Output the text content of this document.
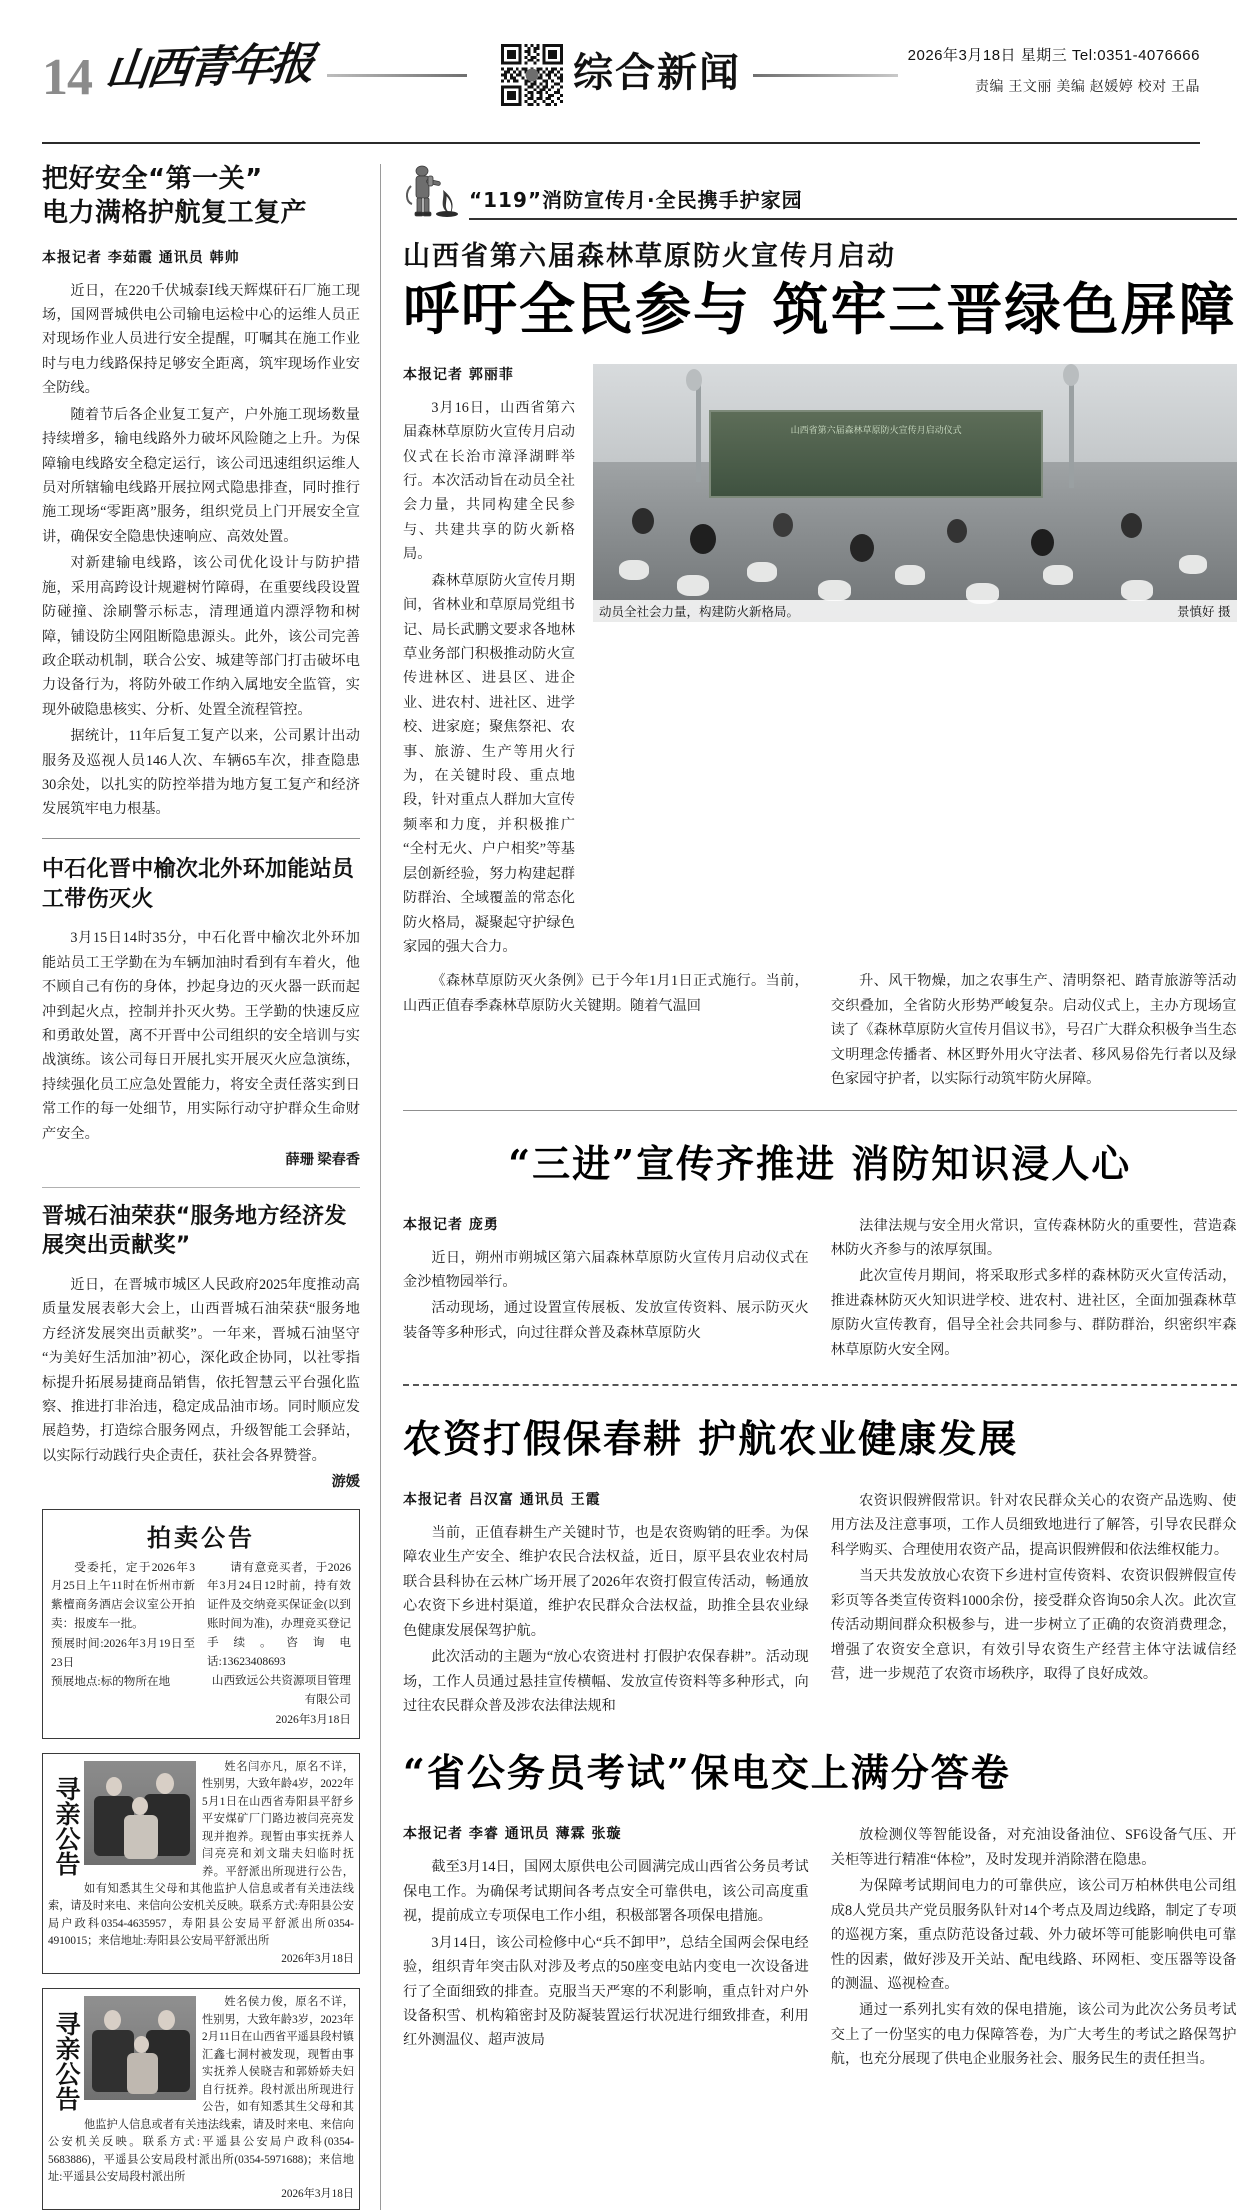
14 山西青年报	综合新闻	2026年3月18日 星期三 Tel:0351-4076666
责编 王文丽 美编 赵媛婷 校对 王晶
把好安全“第一关”
电力满格护航复工复产
本报记者 李茹霞 通讯员 韩帅

近日，在220千伏城泰Ⅰ线天辉煤矸石厂施工现场，国网晋城供电公司输电运检中心的运维人员正对现场作业人员进行安全提醒，叮嘱其在施工作业时与电力线路保持足够安全距离，筑牢现场作业安全防线。

随着节后各企业复工复产，户外施工现场数量持续增多，输电线路外力破坏风险随之上升。为保障输电线路安全稳定运行，该公司迅速组织运维人员对所辖输电线路开展拉网式隐患排查，同时推行施工现场“零距离”服务，组织党员上门开展安全宣讲，确保安全隐患快速响应、高效处置。

对新建输电线路，该公司优化设计与防护措施，采用高跨设计规避树竹障碍，在重要线段设置防碰撞、涂刷警示标志，清理通道内漂浮物和树障，铺设防尘网阻断隐患源头。此外，该公司完善政企联动机制，联合公安、城建等部门打击破坏电力设备行为，将防外破工作纳入属地安全监管，实现外破隐患核实、分析、处置全流程管控。

据统计，11年后复工复产以来，公司累计出动服务及巡视人员146人次、车辆65车次，排查隐患30余处，以扎实的防控举措为地方复工复产和经济发展筑牢电力根基。

中石化晋中榆次北外环加能站员工带伤灭火

3月15日14时35分，中石化晋中榆次北外环加能站员工王学勤在为车辆加油时看到有车着火，他不顾自己有伤的身体，抄起身边的灭火器一跃而起冲到起火点，控制并扑灭火势。王学勤的快速反应和勇敢处置，离不开晋中公司组织的安全培训与实战演练。该公司每日开展扎实开展灭火应急演练，持续强化员工应急处置能力，将安全责任落实到日常工作的每一处细节，用实际行动守护群众生命财产安全。

薛珊 梁春香

晋城石油荣获“服务地方经济发展突出贡献奖”

近日，在晋城市城区人民政府2025年度推动高质量发展表彰大会上，山西晋城石油荣获“服务地方经济发展突出贡献奖”。一年来，晋城石油坚守“为美好生活加油”初心，深化政企协同，以社零指标提升拓展易捷商品销售，依托智慧云平台强化监察、推进打非治违，稳定成品油市场。同时顺应发展趋势，打造综合服务网点，升级智能工会驿站，以实际行动践行央企责任，获社会各界赞誉。

游媛

拍卖公告

受委托，定于2026年3月25日上午11时在忻州市新紫檀商务酒店会议室公开拍卖：报废车一批。

预展时间:2026年3月19日至23日

预展地点:标的物所在地

请有意竞买者，于2026年3月24日12时前，持有效证件及交纳竞买保证金(以到账时间为准)，办理竞买登记手续。咨询电话:13623408693

山西致远公共资源项目管理有限公司

2026年3月18日

寻亲公告

姓名闫亦凡，原名不详，性别男，大致年龄4岁，2022年5月1日在山西省寿阳县平舒乡平安煤矿厂门路边被闫亮亮发现并抱养。现暂由事实抚养人闫亮亮和刘文瑞夫妇临时抚养。平舒派出所现进行公告，如有知悉其生父母和其他监护人信息或者有关违法线索，请及时来电、来信向公安机关反映。联系方式:寿阳县公安局户政科0354-4635957，寿阳县公安局平舒派出所0354-4910015；来信地址:寿阳县公安局平舒派出所

2026年3月18日

寻亲公告

姓名侯力俊，原名不详，性别男，大致年龄3岁，2023年2月11日在山西省平遥县段村镇汇鑫七洞村被发现，现暂由事实抚养人侯晓吉和郭娇娇夫妇自行抚养。段村派出所现进行公告，如有知悉其生父母和其他监护人信息或者有关违法线索，请及时来电、来信向公安机关反映。联系方式:平遥县公安局户政科(0354-5683886)，平遥县公安局段村派出所(0354-5971688)；来信地址:平遥县公安局段村派出所

2026年3月18日

“119”消防宣传月·全民携手护家园
山西省第六届森林草原防火宣传月启动
呼吁全民参与 筑牢三晋绿色屏障
本报记者 郭丽菲

3月16日，山西省第六届森林草原防火宣传月启动仪式在长治市漳泽湖畔举行。本次活动旨在动员全社会力量，共同构建全民参与、共建共享的防火新格局。

森林草原防火宣传月期间，省林业和草原局党组书记、局长武鹏文要求各地林草业务部门积极推动防火宣传进林区、进县区、进企业、进农村、进社区、进学校、进家庭；聚焦祭祀、农事、旅游、生产等用火行为，在关键时段、重点地段，针对重点人群加大宣传频率和力度，并积极推广“全村无火、户户相奖”等基层创新经验，努力构建起群防群治、全域覆盖的常态化防火格局，凝聚起守护绿色家园的强大合力。

山西省第六届森林草原防火宣传月启动仪式
动员全社会力量，构建防火新格局。	景慎好 摄

《森林草原防灭火条例》已于今年1月1日正式施行。当前，山西正值春季森林草原防火关键期。随着气温回

升、风干物燥，加之农事生产、清明祭祀、踏青旅游等活动交织叠加，全省防火形势严峻复杂。启动仪式上，主办方现场宣读了《森林草原防火宣传月倡议书》，号召广大群众积极争当生态文明理念传播者、林区野外用火守法者、移风易俗先行者以及绿色家园守护者，以实际行动筑牢防火屏障。

“三进”宣传齐推进 消防知识浸人心
本报记者 庞勇

近日，朔州市朔城区第六届森林草原防火宣传月启动仪式在金沙植物园举行。

活动现场，通过设置宣传展板、发放宣传资料、展示防灭火装备等多种形式，向过往群众普及森林草原防火

法律法规与安全用火常识，宣传森林防火的重要性，营造森林防火齐参与的浓厚氛围。

此次宣传月期间，将采取形式多样的森林防灭火宣传活动，推进森林防灭火知识进学校、进农村、进社区，全面加强森林草原防火宣传教育，倡导全社会共同参与、群防群治，织密织牢森林草原防火安全网。

农资打假保春耕 护航农业健康发展
本报记者 吕汉富 通讯员 王霞

当前，正值春耕生产关键时节，也是农资购销的旺季。为保障农业生产安全、维护农民合法权益，近日，原平县农业农村局联合县科协在云林广场开展了2026年农资打假宣传活动，畅通放心农资下乡进村渠道，维护农民群众合法权益，助推全县农业绿色健康发展保驾护航。

此次活动的主题为“放心农资进村 打假护农保春耕”。活动现场，工作人员通过悬挂宣传横幅、发放宣传资料等多种形式，向过往农民群众普及涉农法律法规和

农资识假辨假常识。针对农民群众关心的农资产品选购、使用方法及注意事项，工作人员细致地进行了解答，引导农民群众科学购买、合理使用农资产品，提高识假辨假和依法维权能力。

当天共发放放心农资下乡进村宣传资料、农资识假辨假宣传彩页等各类宣传资料1000余份，接受群众咨询50余人次。此次宣传活动期间群众积极参与，进一步树立了正确的农资消费理念，增强了农资安全意识，有效引导农资生产经营主体守法诚信经营，进一步规范了农资市场秩序，取得了良好成效。

“省公务员考试”保电交上满分答卷
本报记者 李睿 通讯员 薄霖 张璇

截至3月14日，国网太原供电公司圆满完成山西省公务员考试保电工作。为确保考试期间各考点安全可靠供电，该公司高度重视，提前成立专项保电工作小组，积极部署各项保电措施。

3月14日，该公司检修中心“兵不卸甲”，总结全国两会保电经验，组织青年突击队对涉及考点的50座变电站内变电一次设备进行了全面细致的排查。克服当天严寒的不利影响，重点针对户外设备积雪、机构箱密封及防凝装置运行状况进行细致排查，利用红外测温仪、超声波局

放检测仪等智能设备，对充油设备油位、SF6设备气压、开关柜等进行精准“体检”，及时发现并消除潜在隐患。

为保障考试期间电力的可靠供应，该公司万柏林供电公司组成8人党员共产党员服务队针对14个考点及周边线路，制定了专项的巡视方案，重点防范设备过载、外力破坏等可能影响供电可靠性的因素，做好涉及开关站、配电线路、环网柜、变压器等设备的测温、巡视检查。

通过一系列扎实有效的保电措施，该公司为此次公务员考试交上了一份坚实的电力保障答卷，为广大考生的考试之路保驾护航，也充分展现了供电企业服务社会、服务民生的责任担当。
